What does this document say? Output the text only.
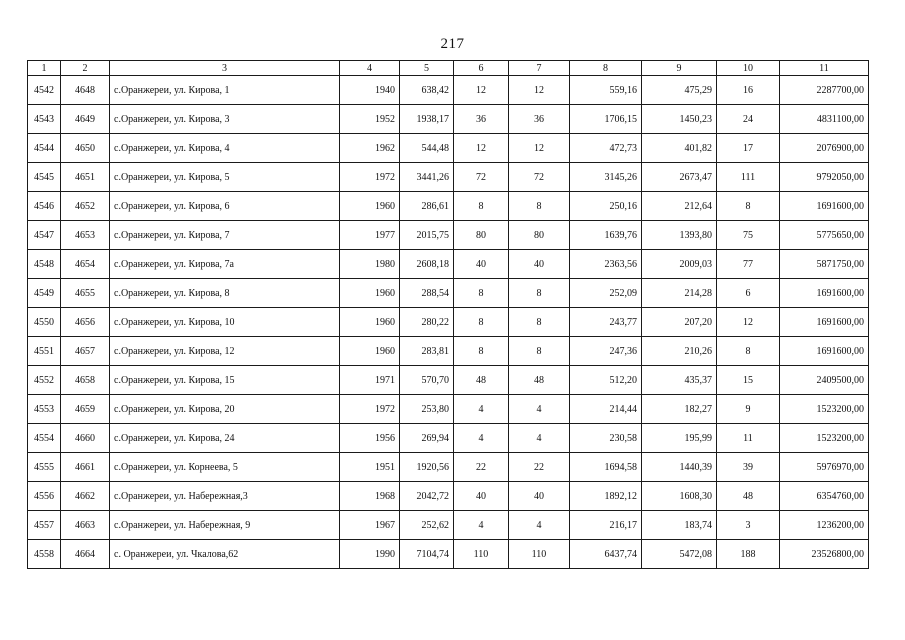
217
1	2	3	4	5	6	7	8	9	10	11
4542	4648	с.Оранжереи, ул. Кирова, 1	1940	638,42	12	12	559,16	475,29	16	2287700,00
4543	4649	с.Оранжереи, ул. Кирова, 3	1952	1938,17	36	36	1706,15	1450,23	24	4831100,00
4544	4650	с.Оранжереи, ул. Кирова, 4	1962	544,48	12	12	472,73	401,82	17	2076900,00
4545	4651	с.Оранжереи, ул. Кирова, 5	1972	3441,26	72	72	3145,26	2673,47	111	9792050,00
4546	4652	с.Оранжереи, ул. Кирова, 6	1960	286,61	8	8	250,16	212,64	8	1691600,00
4547	4653	с.Оранжереи, ул. Кирова, 7	1977	2015,75	80	80	1639,76	1393,80	75	5775650,00
4548	4654	с.Оранжереи, ул. Кирова, 7а	1980	2608,18	40	40	2363,56	2009,03	77	5871750,00
4549	4655	с.Оранжереи, ул. Кирова, 8	1960	288,54	8	8	252,09	214,28	6	1691600,00
4550	4656	с.Оранжереи, ул. Кирова, 10	1960	280,22	8	8	243,77	207,20	12	1691600,00
4551	4657	с.Оранжереи, ул. Кирова, 12	1960	283,81	8	8	247,36	210,26	8	1691600,00
4552	4658	с.Оранжереи, ул. Кирова, 15	1971	570,70	48	48	512,20	435,37	15	2409500,00
4553	4659	с.Оранжереи, ул. Кирова, 20	1972	253,80	4	4	214,44	182,27	9	1523200,00
4554	4660	с.Оранжереи, ул. Кирова, 24	1956	269,94	4	4	230,58	195,99	11	1523200,00
4555	4661	с.Оранжереи, ул. Корнеева, 5	1951	1920,56	22	22	1694,58	1440,39	39	5976970,00
4556	4662	с.Оранжереи, ул. Набережная,3	1968	2042,72	40	40	1892,12	1608,30	48	6354760,00
4557	4663	с.Оранжереи, ул. Набережная, 9	1967	252,62	4	4	216,17	183,74	3	1236200,00
4558	4664	с. Оранжереи, ул. Чкалова,62	1990	7104,74	110	110	6437,74	5472,08	188	23526800,00
